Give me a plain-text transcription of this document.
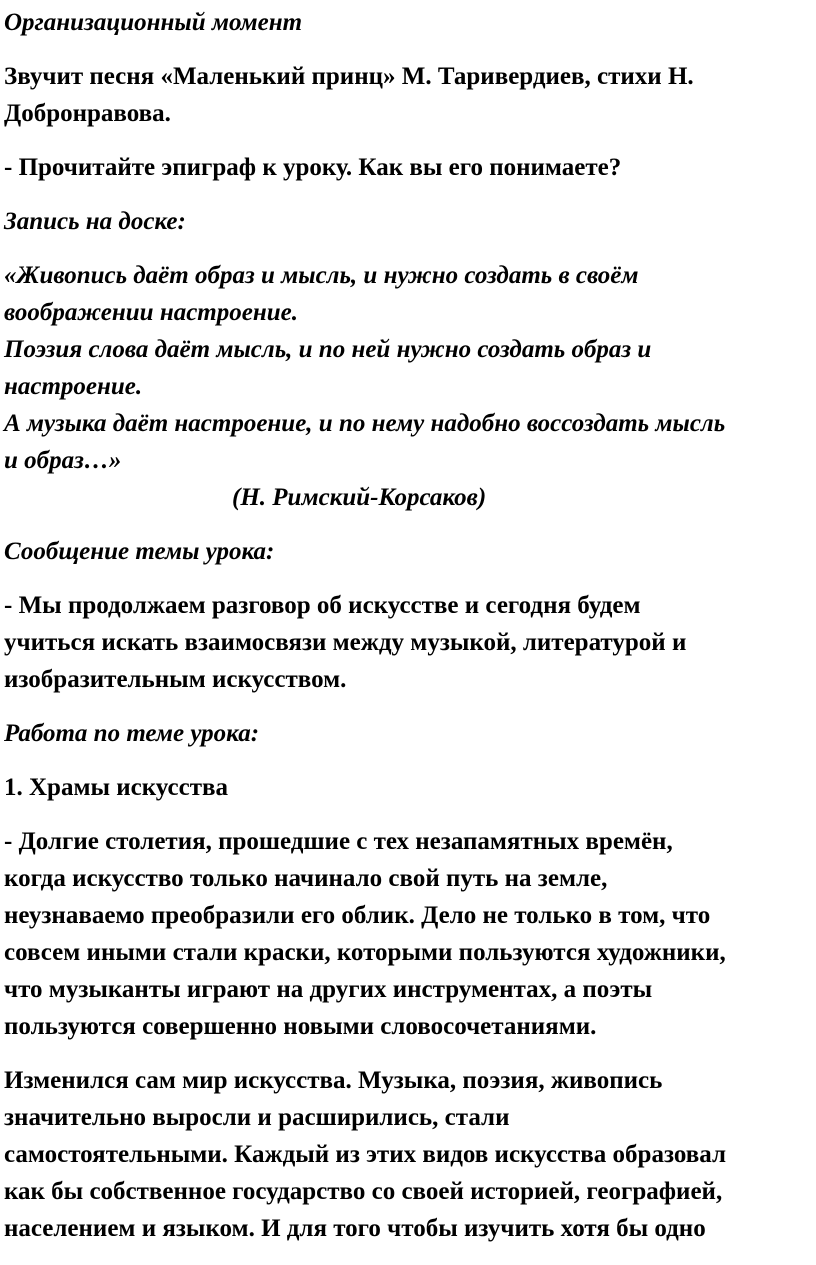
Организационный момент

Звучит песня «Маленький принц» М. Таривердиев, стихи Н.
Добронравова.

- Прочитайте эпиграф к уроку. Как вы его понимаете?

Запись на доске:

«Живопись даёт образ и мысль, и нужно создать в своём
воображении настроение.
Поэзия слова даёт мысль, и по ней нужно создать образ и
настроение.
А музыка даёт настроение, и по нему надобно воссоздать мысль
и образ…»
(Н. Римский-Корсаков)

Сообщение темы урока:

- Мы продолжаем разговор об искусстве и сегодня будем
учиться искать взаимосвязи между музыкой, литературой и
изобразительным искусством.

Работа по теме урока:

1. Храмы искусства

- Долгие столетия, прошедшие с тех незапамятных времён,
когда искусство только начинало свой путь на земле,
неузнаваемо преобразили его облик. Дело не только в том, что
совсем иными стали краски, которыми пользуются художники,
что музыканты играют на других инструментах, а поэты
пользуются совершенно новыми словосочетаниями.

Изменился сам мир искусства. Музыка, поэзия, живопись
значительно выросли и расширились, стали
самостоятельными. Каждый из этих видов искусства образовал
как бы собственное государство со своей историей, географией,
населением и языком. И для того чтобы изучить хотя бы одно
